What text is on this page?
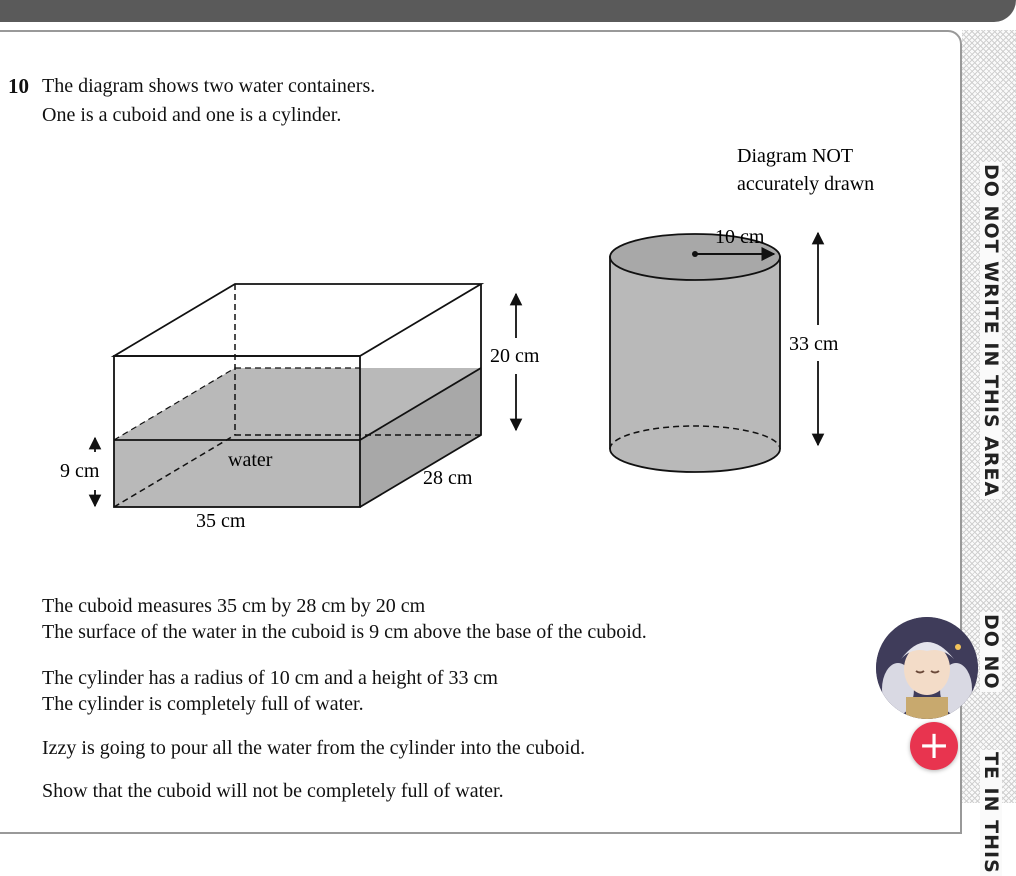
DO NOT WRITE IN THIS AREA
DO NO
TE IN THIS
10 The diagram shows two water containers.
One is a cuboid and one is a cylinder.
Diagram NOT
accurately drawn
20 cm
9 cm	water
28 cm
35 cm
10 cm
33 cm
The cuboid measures 35 cm by 28 cm by 20 cm
The surface of the water in the cuboid is 9 cm above the base of the cuboid.
The cylinder has a radius of 10 cm and a height of 33 cm
The cylinder is completely full of water.
Izzy is going to pour all the water from the cylinder into the cuboid.
Show that the cuboid will not be completely full of water.
+
